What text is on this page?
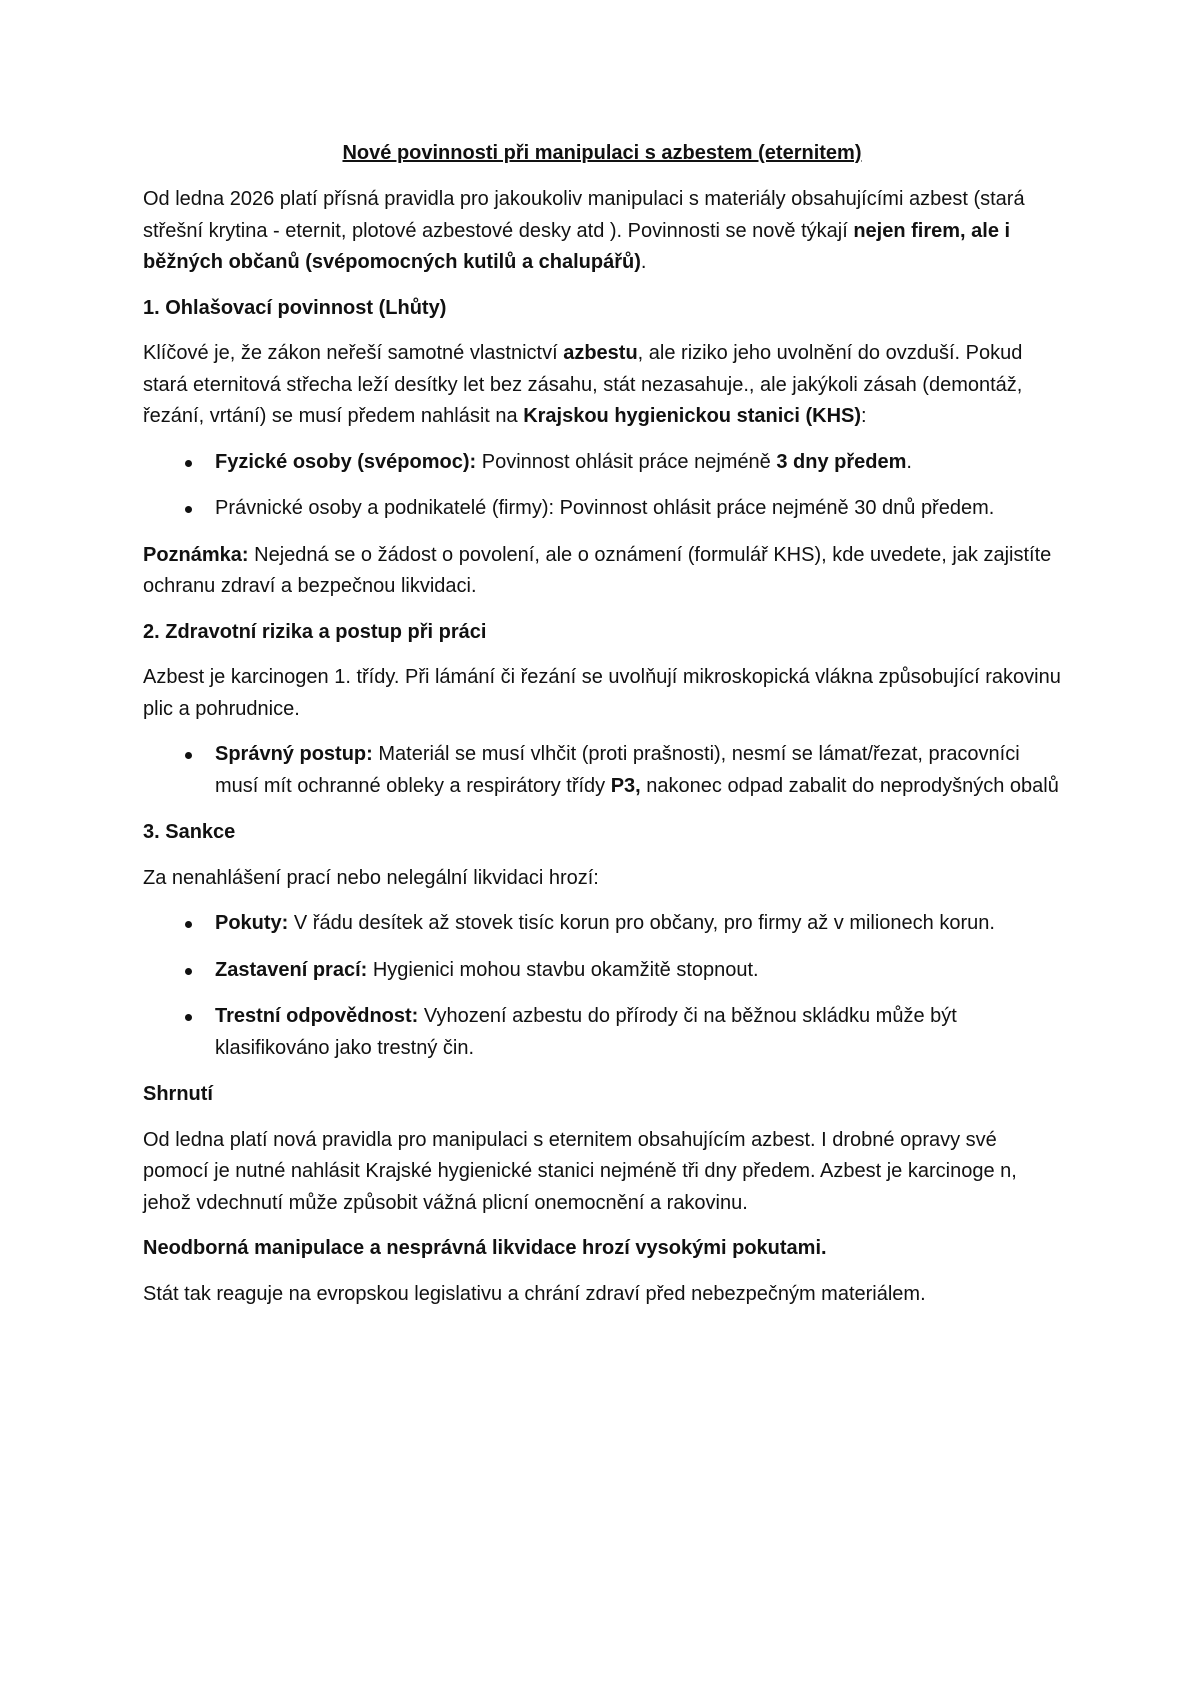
Nové povinnosti při manipulaci s azbestem (eternitem)

Od ledna 2026 platí přísná pravidla pro jakoukoliv manipulaci s materiály obsahujícími azbest (stará střešní krytina - eternit, plotové azbestové desky atd ). Povinnosti se nově týkají nejen firem, ale i běžných občanů (svépomocných kutilů a chalupářů).

1. Ohlašovací povinnost (Lhůty)

Klíčové je, že zákon neřeší samotné vlastnictví azbestu, ale riziko jeho uvolnění do ovzduší. Pokud stará eternitová střecha leží desítky let bez zásahu, stát nezasahuje., ale jakýkoli zásah (demontáž, řezání, vrtání) se musí předem nahlásit na Krajskou hygienickou stanici (KHS):

Fyzické osoby (svépomoc): Povinnost ohlásit práce nejméně 3 dny předem.
Právnické osoby a podnikatelé (firmy): Povinnost ohlásit práce nejméně 30 dnů předem.

Poznámka: Nejedná se o žádost o povolení, ale o oznámení (formulář KHS), kde uvedete, jak zajistíte ochranu zdraví a bezpečnou likvidaci.

2. Zdravotní rizika a postup při práci

Azbest je karcinogen 1. třídy. Při lámání či řezání se uvolňují mikroskopická vlákna způsobující rakovinu plic a pohrudnice.

Správný postup: Materiál se musí vlhčit (proti prašnosti), nesmí se lámat/řezat, pracovníci musí mít ochranné obleky a respirátory třídy P3, nakonec odpad zabalit do neprodyšných obalů
3. Sankce

Za nenahlášení prací nebo nelegální likvidaci hrozí:

Pokuty: V řádu desítek až stovek tisíc korun pro občany, pro firmy až v milionech korun.
Zastavení prací: Hygienici mohou stavbu okamžitě stopnout.
Trestní odpovědnost: Vyhození azbestu do přírody či na běžnou skládku může být klasifikováno jako trestný čin.
Shrnutí

Od ledna platí nová pravidla pro manipulaci s eternitem obsahujícím azbest. I drobné opravy své pomocí je nutné nahlásit Krajské hygienické stanici nejméně tři dny předem. Azbest je karcinoge n, jehož vdechnutí může způsobit vážná plicní onemocnění a rakovinu.

Neodborná manipulace a nesprávná likvidace hrozí vysokými pokutami.

Stát tak reaguje na evropskou legislativu a chrání zdraví před nebezpečným materiálem.
